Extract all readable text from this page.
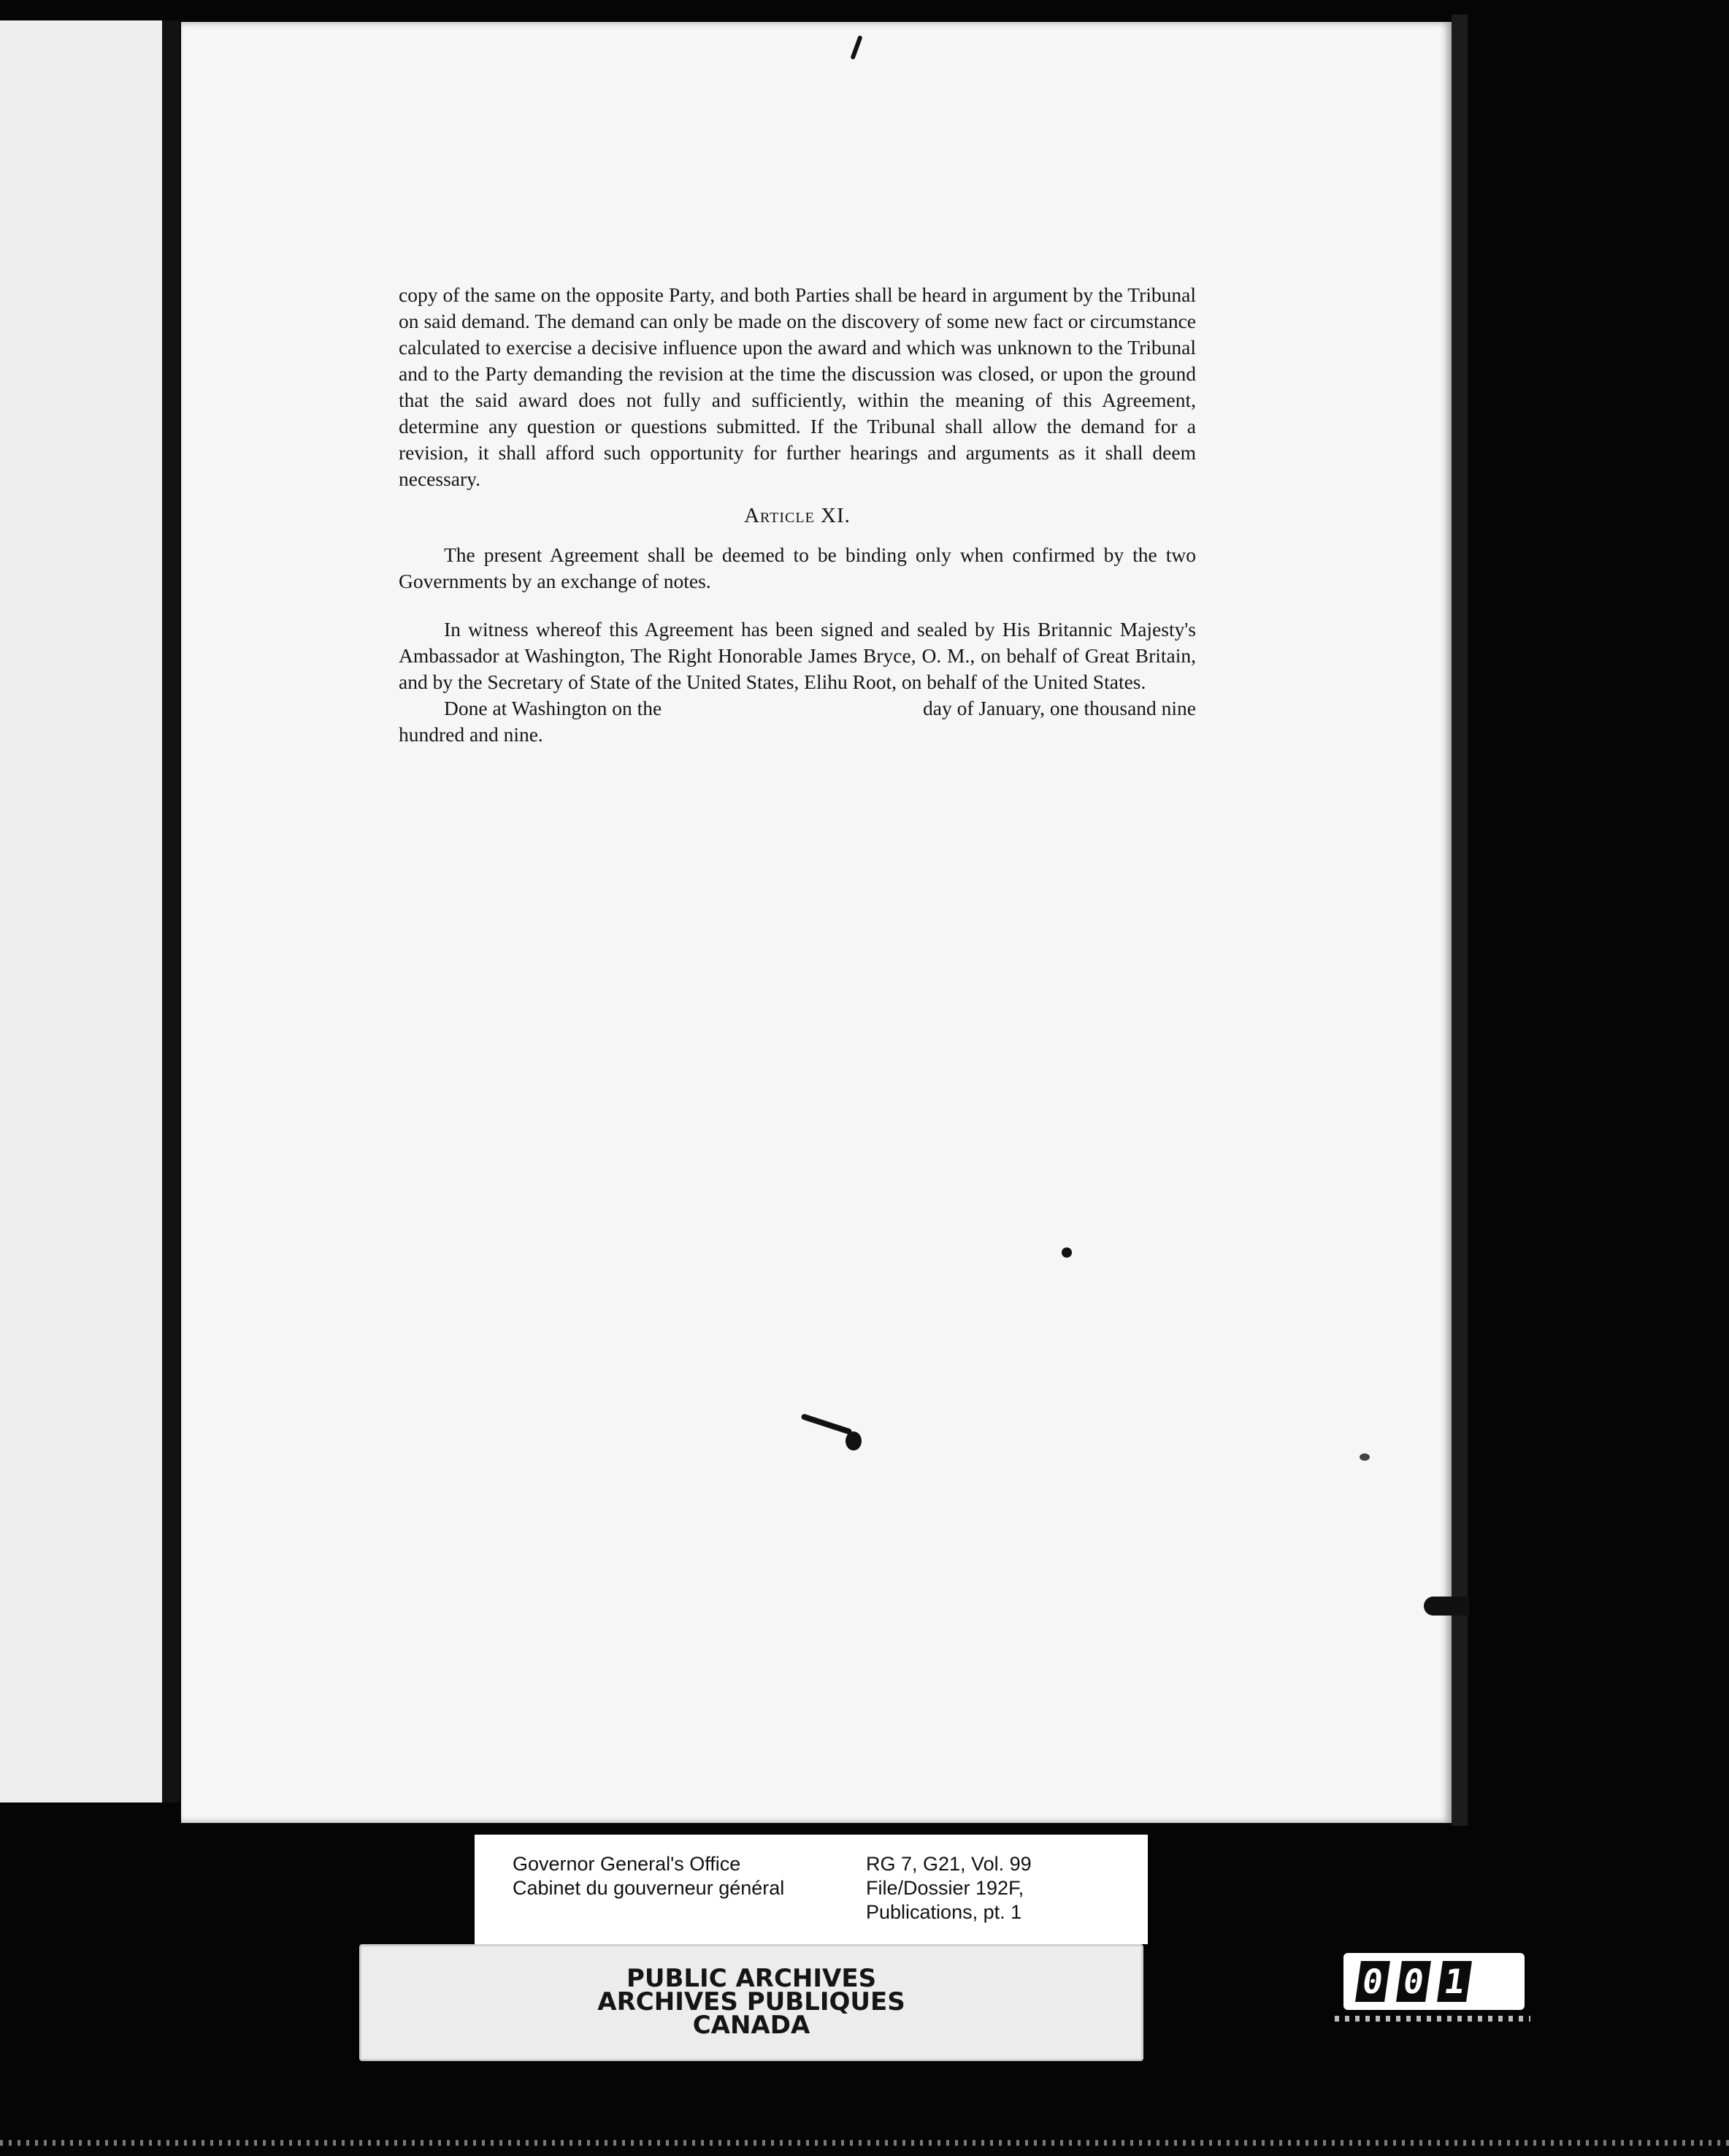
copy of the same on the opposite Party, and both Parties shall be heard in argument by the Tribunal on said demand. The demand can only be made on the discovery of some new fact or circumstance calculated to exercise a decisive influence upon the award and which was unknown to the Tribunal and to the Party demanding the revision at the time the discussion was closed, or upon the ground that the said award does not fully and sufficiently, within the meaning of this Agreement, determine any question or questions submitted. If the Tribunal shall allow the demand for a revision, it shall afford such opportunity for further hearings and arguments as it shall deem necessary.

Article XI.

The present Agreement shall be deemed to be binding only when confirmed by the two Governments by an exchange of notes.

In witness whereof this Agreement has been signed and sealed by His Britannic Majesty's Ambassador at Washington, The Right Honorable James Bryce, O. M., on behalf of Great Britain, and by the Secretary of State of the United States, Elihu Root, on behalf of the United States.

Done at Washington on the	day of January, one thousand nine

hundred and nine.

Governor General's Office
Cabinet du gouverneur général
RG 7, G21, Vol. 99
File/Dossier 192F,
Publications, pt. 1
PUBLIC ARCHIVES
ARCHIVES PUBLIQUES
CANADA
0 0 1
